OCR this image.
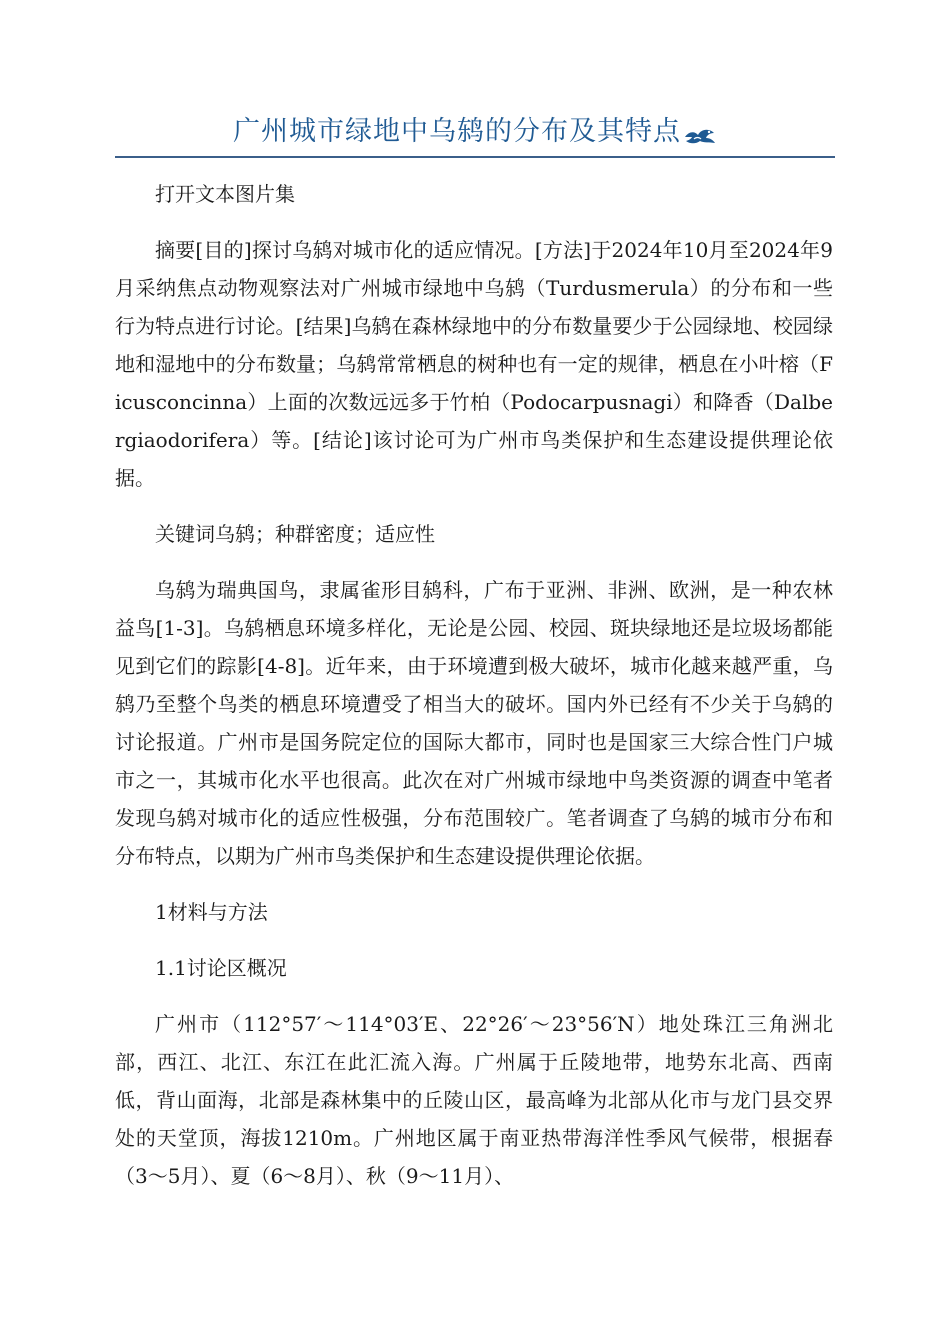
广州城市绿地中乌鸫的分布及其特点

打开文本图片集

摘要[目的]探讨乌鸫对城市化的适应情况。[方法]于2024年10月至2024年9月采纳焦点动物观察法对广州城市绿地中乌鸫（Turdusmerula）的分布和一些行为特点进行讨论。[结果]乌鸫在森林绿地中的分布数量要少于公园绿地、校园绿地和湿地中的分布数量；乌鸫常常栖息的树种也有一定的规律，栖息在小叶榕（Ficusconcinna）上面的次数远远多于竹柏（Podocarpusnagi）和降香（Dalbergiaodorifera）等。[结论]该讨论可为广州市鸟类保护和生态建设提供理论依据。

关键词乌鸫；种群密度；适应性

乌鸫为瑞典国鸟，隶属雀形目鸫科，广布于亚洲、非洲、欧洲，是一种农林益鸟[1-3]。乌鸫栖息环境多样化，无论是公园、校园、斑块绿地还是垃圾场都能见到它们的踪影[4-8]。近年来，由于环境遭到极大破坏，城市化越来越严重，乌鸫乃至整个鸟类的栖息环境遭受了相当大的破坏。国内外已经有不少关于乌鸫的讨论报道。广州市是国务院定位的国际大都市，同时也是国家三大综合性门户城市之一，其城市化水平也很高。此次在对广州城市绿地中鸟类资源的调查中笔者发现乌鸫对城市化的适应性极强，分布范围较广。笔者调查了乌鸫的城市分布和分布特点，以期为广州市鸟类保护和生态建设提供理论依据。

1材料与方法

1.1讨论区概况

广州市（112°57′～114°03′E、22°26′～23°56′N）地处珠江三角洲北部，西江、北江、东江在此汇流入海。广州属于丘陵地带，地势东北高、西南低，背山面海，北部是森林集中的丘陵山区，最高峰为北部从化市与龙门县交界处的天堂顶，海拔1210m。广州地区属于南亚热带海洋性季风气候带，根据春（3～5月）、夏（6～8月）、秋（9～11月）、
